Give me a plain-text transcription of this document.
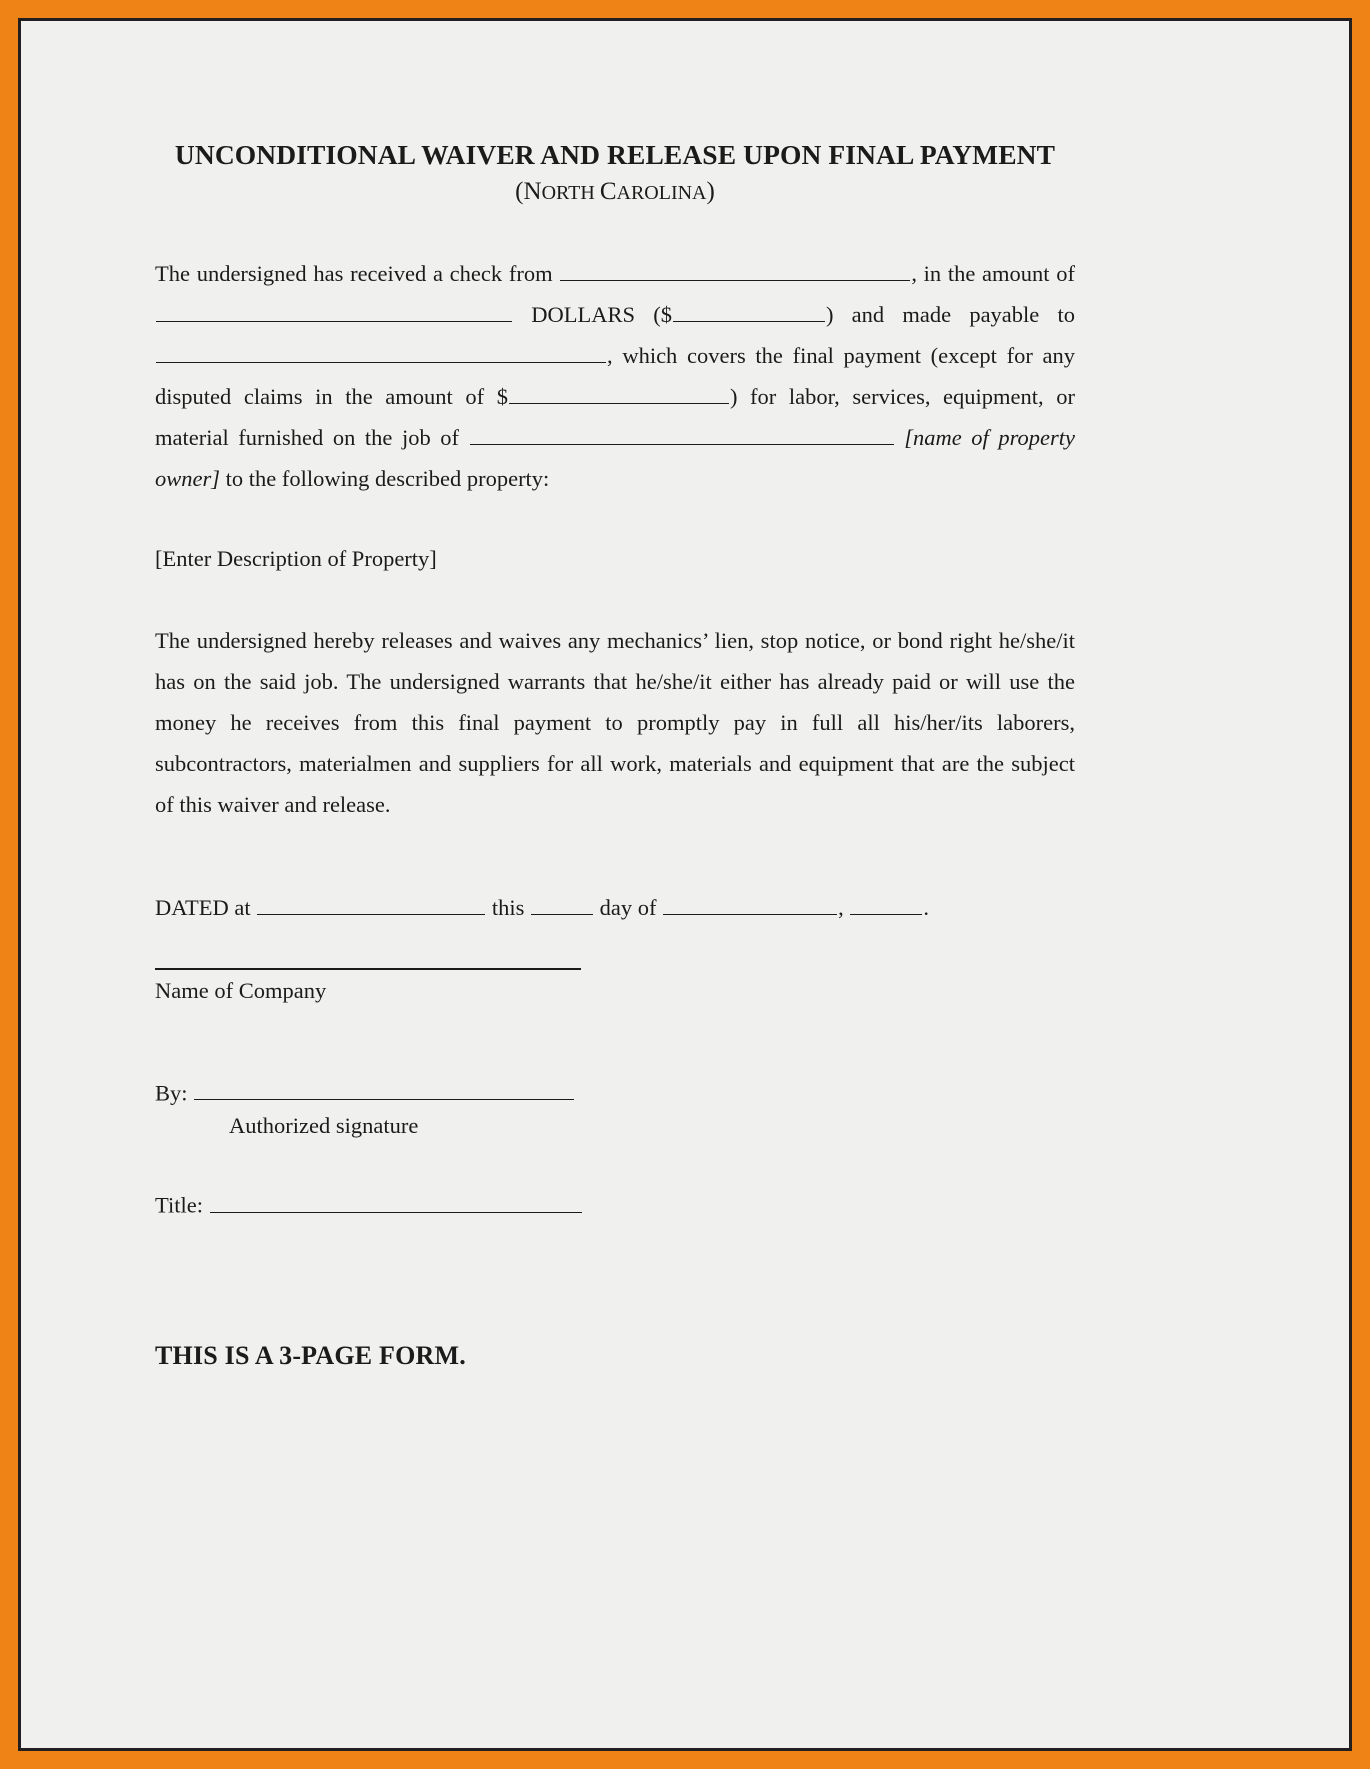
UNCONDITIONAL WAIVER AND RELEASE UPON FINAL PAYMENT
(NORTH CAROLINA)

The undersigned has received a check from	, in the amount of  DOLLARS ($	) and made payable to , which covers the final payment (except for any disputed claims in the amount of $	) for labor, services, equipment, or material furnished on the job of	[name of property owner] to the following described property:

[Enter Description of Property]

The undersigned hereby releases and waives any mechanics’ lien, stop notice, or bond right he/she/it has on the said job. The undersigned warrants that he/she/it either has already paid or will use the money he receives from this final payment to promptly pay in full all his/her/its laborers, subcontractors, materialmen and suppliers for all work, materials and equipment that are the subject of this waiver and release.

DATED at	this	day of	,	.
Name of Company
By:
Authorized signature
Title:
THIS IS A 3-PAGE FORM.
